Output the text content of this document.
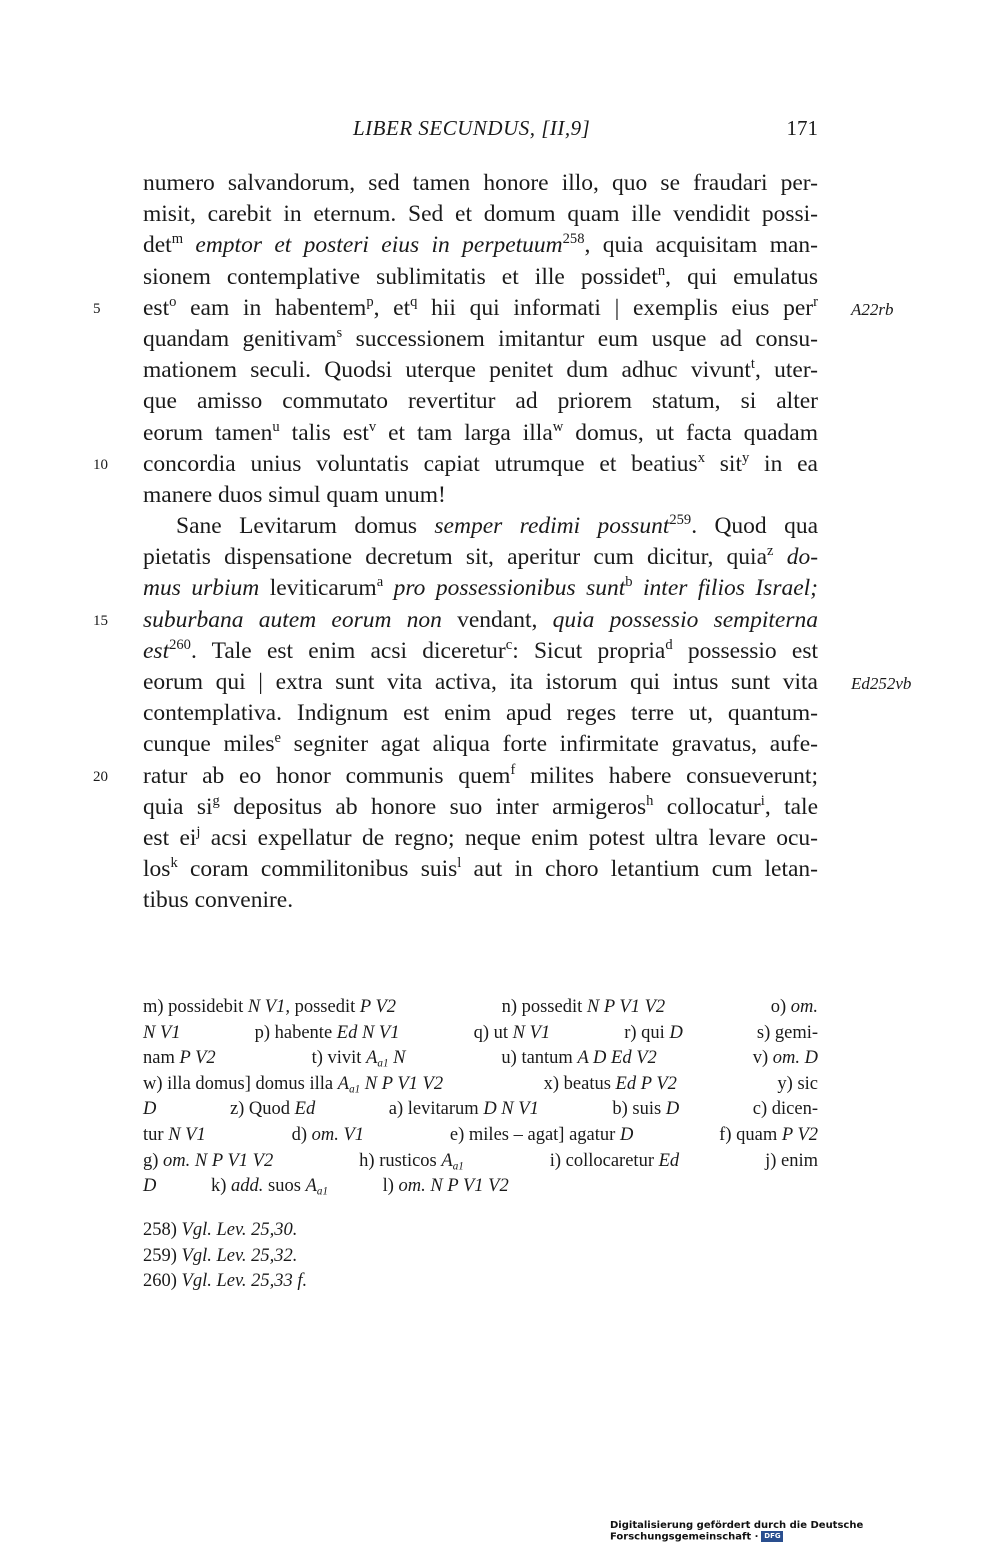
LIBER SECUNDUS, [II,9]	171
numero salvandorum, sed tamen honore illo, quo se fraudari per-
misit, carebit in eternum. Sed et domum quam ille vendidit possi-
$\det^m$ emptor et posteri eius in perpetuum$^{258}$, quia acquisitam man-
sionem contemplative sublimitatis et ille possidet$^n$, qui emulatus
5	est$^o$ eam in habentem$^p$, $et^q$ hii qui informati | exemplis eius per$^r$ A22rb
quandam genitivam$^s$ successionem imitantur eum usque ad consu-
mationem seculi. Quodsi uterque penitet dum adhuc vivunt$^t$, uter-
que amisso commutato revertitur ad priorem statum, si alter
eorum tamen$^u$ talis est$^v$ et tam larga illa$^w$ domus, ut facta quadam
10 concordia unius voluntatis capiat utrumque et beatius$^x$ sit$^y$ in ea
manere duos simul quam unum!
Sane Levitarum domus semper redimi possunt$^{259}$. Quod qua
pietatis dispensatione decretum sit, aperitur cum dicitur, quia$^z$ do-
mus urbium leviticarum$^a$ pro possessionibus sunt$^b$ inter filios Israel;
15 suburbana autem eorum non vendant, quia possessio sempiterna
est$^{260}$. Tale est enim acsi diceretur$^c$: Sicut propria$^d$ possessio est
eorum qui | extra sunt vita activa, ita istorum qui intus sunt vita Ed252vb
contemplativa. Indignum est enim apud reges terre ut, quantum-
cunque miles$^e$ segniter agat aliqua forte infirmitate gravatus, aufe-
20 ratur ab eo honor communis quem$^f$ milites habere consueverunt;
quia $si^g$ depositus ab honore suo inter armigeros$^h$ collocatur$^i$, tale
est $ei^j$ acsi expellatur de regno; neque enim potest ultra levare ocu-
los$^k$ coram commilitonibus suis$^l$ aut in choro letantium cum letan-
tibus convenire.
m) possidebit N V1, possedit P V2	n) possedit N P V1 V2	o) om.
N V1	p) habente Ed N V1	q) ut N V1	r) qui D	s) gemi-
nam P V2	t) vivit $A_{a1}$ N	u) tantum A D Ed V2	v) om. D
w) illa domus] domus illa $A_{a1}$ N P V1 V2	x) beatus Ed P V2	y) sic
D	z) Quod Ed	a) levitarum D N V1	b) suis D	c) dicen-
tur N V1	d) om. V1	e) miles – agat] agatur D	f) quam P V2
g) om. N P V1 V2	h) rusticos $A_{a1}$	i) collocaretur Ed	j) enim
D	k) add. suos $A_{a1}$	l) om. N P V1 V2
258) Vgl. Lev. 25,30.
259) Vgl. Lev. 25,32.
260) Vgl. Lev. 25,33 f.
Digitalisierung gefördert durch die Deutsche Forschungsgemeinschaft · DFG
